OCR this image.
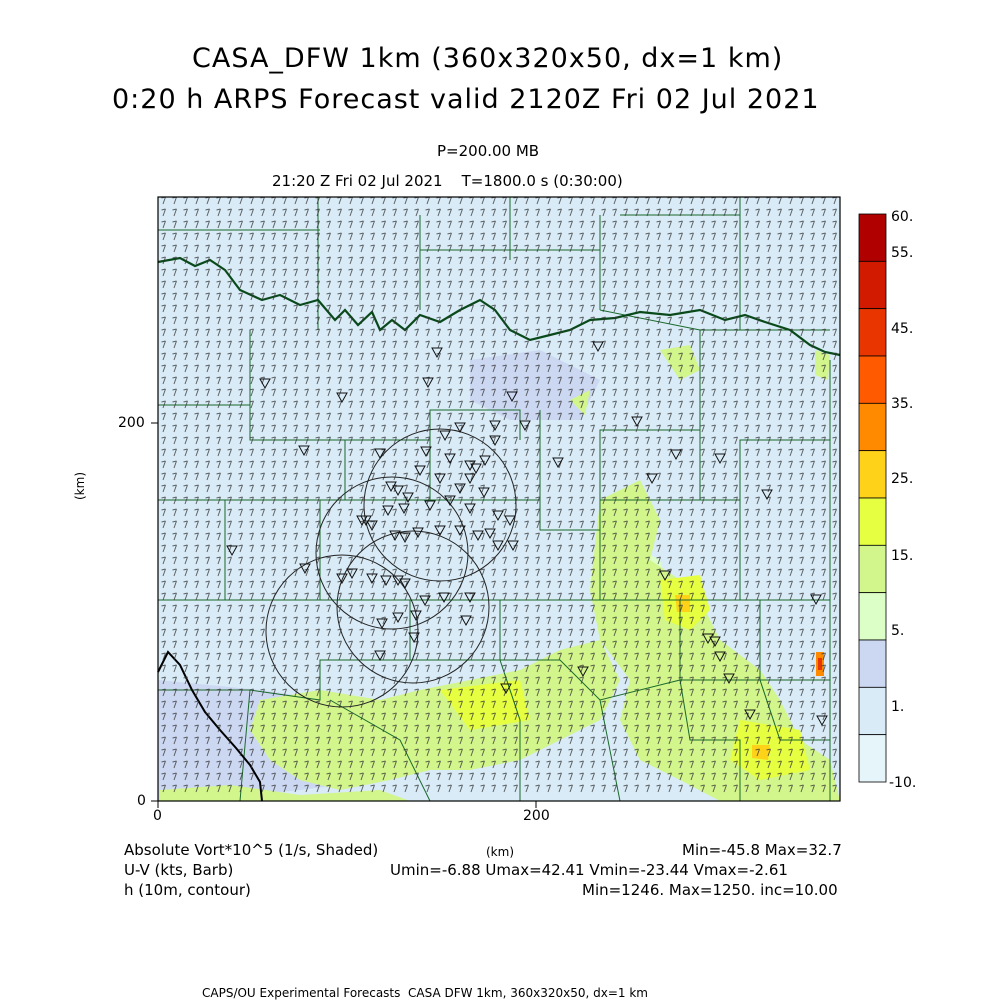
CASA_DFW 1km (360x320x50, dx=1 km)
0:20 h ARPS Forecast valid 2120Z Fri 02 Jul 2021
P=200.00 MB
21:20 Z Fri 02 Jul 2021    T=1800.0 s (0:30:00)
0	200
0
200
(km)
(km)
60.
55.
45.
35.
25.
15.
5.
1.
-10.
Absolute Vort*10^5 (1/s, Shaded)
U-V (kts, Barb)
h (10m, contour)
Min=-45.8 Max=32.7
Umin=-6.88 Umax=42.41 Vmin=-23.44 Vmax=-2.61
Min=1246. Max=1250. inc=10.00
CAPS/OU Experimental Forecasts  CASA DFW 1km, 360x320x50, dx=1 km
